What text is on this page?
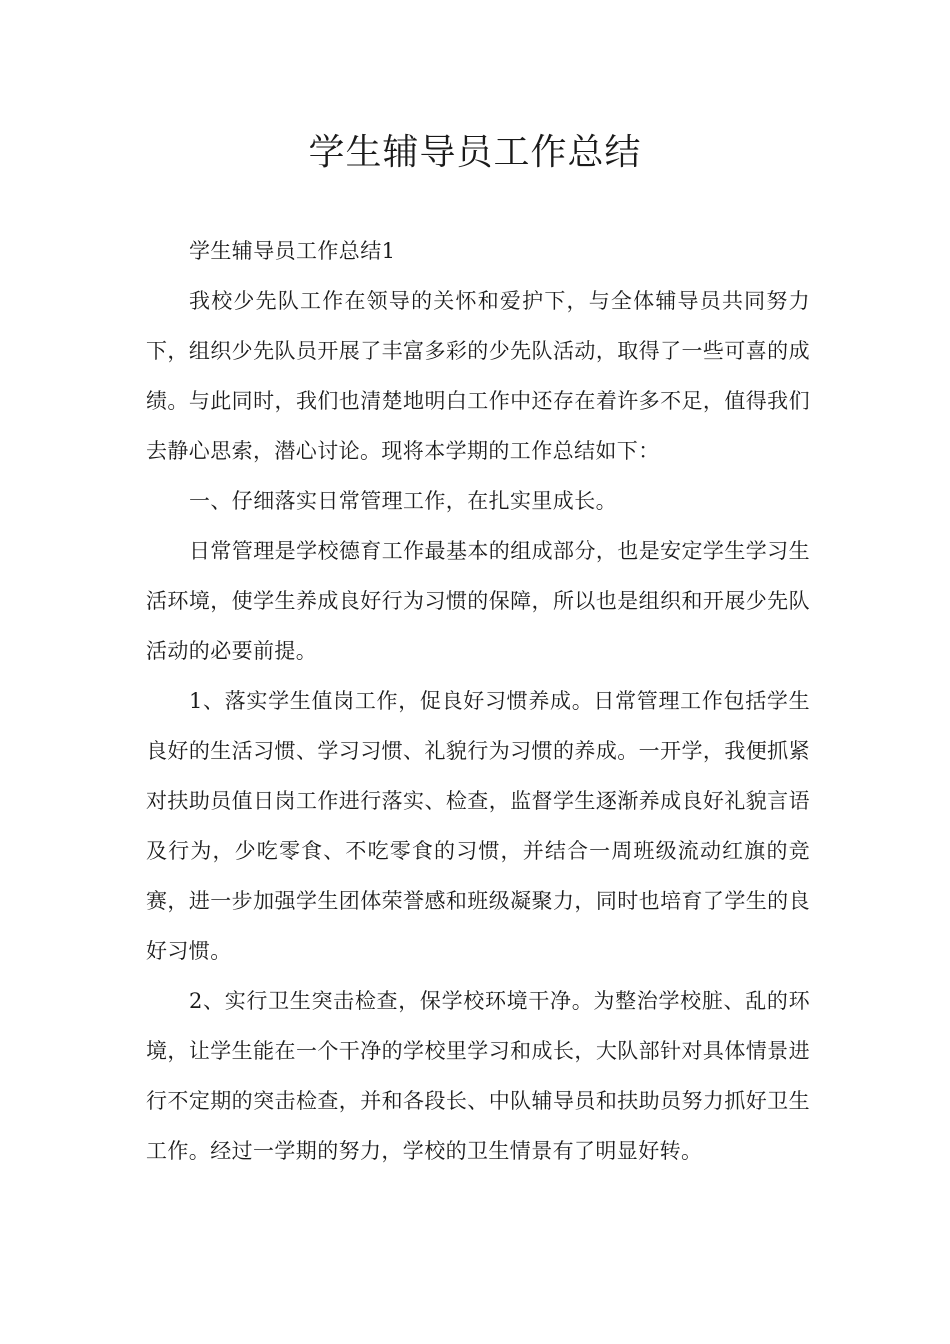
学生辅导员工作总结

学生辅导员工作总结1

我校少先队工作在领导的关怀和爱护下，与全体辅导员共同努力下，组织少先队员开展了丰富多彩的少先队活动，取得了一些可喜的成绩。与此同时，我们也清楚地明白工作中还存在着许多不足，值得我们去静心思索，潜心讨论。现将本学期的工作总结如下：

一、仔细落实日常管理工作，在扎实里成长。

日常管理是学校德育工作最基本的组成部分，也是安定学生学习生活环境，使学生养成良好行为习惯的保障，所以也是组织和开展少先队活动的必要前提。

1、落实学生值岗工作，促良好习惯养成。日常管理工作包括学生良好的生活习惯、学习习惯、礼貌行为习惯的养成。一开学，我便抓紧对扶助员值日岗工作进行落实、检查，监督学生逐渐养成良好礼貌言语及行为，少吃零食、不吃零食的习惯，并结合一周班级流动红旗的竞赛，进一步加强学生团体荣誉感和班级凝聚力，同时也培育了学生的良好习惯。

2、实行卫生突击检查，保学校环境干净。为整治学校脏、乱的环境，让学生能在一个干净的学校里学习和成长，大队部针对具体情景进行不定期的突击检查，并和各段长、中队辅导员和扶助员努力抓好卫生工作。经过一学期的努力，学校的卫生情景有了明显好转。
